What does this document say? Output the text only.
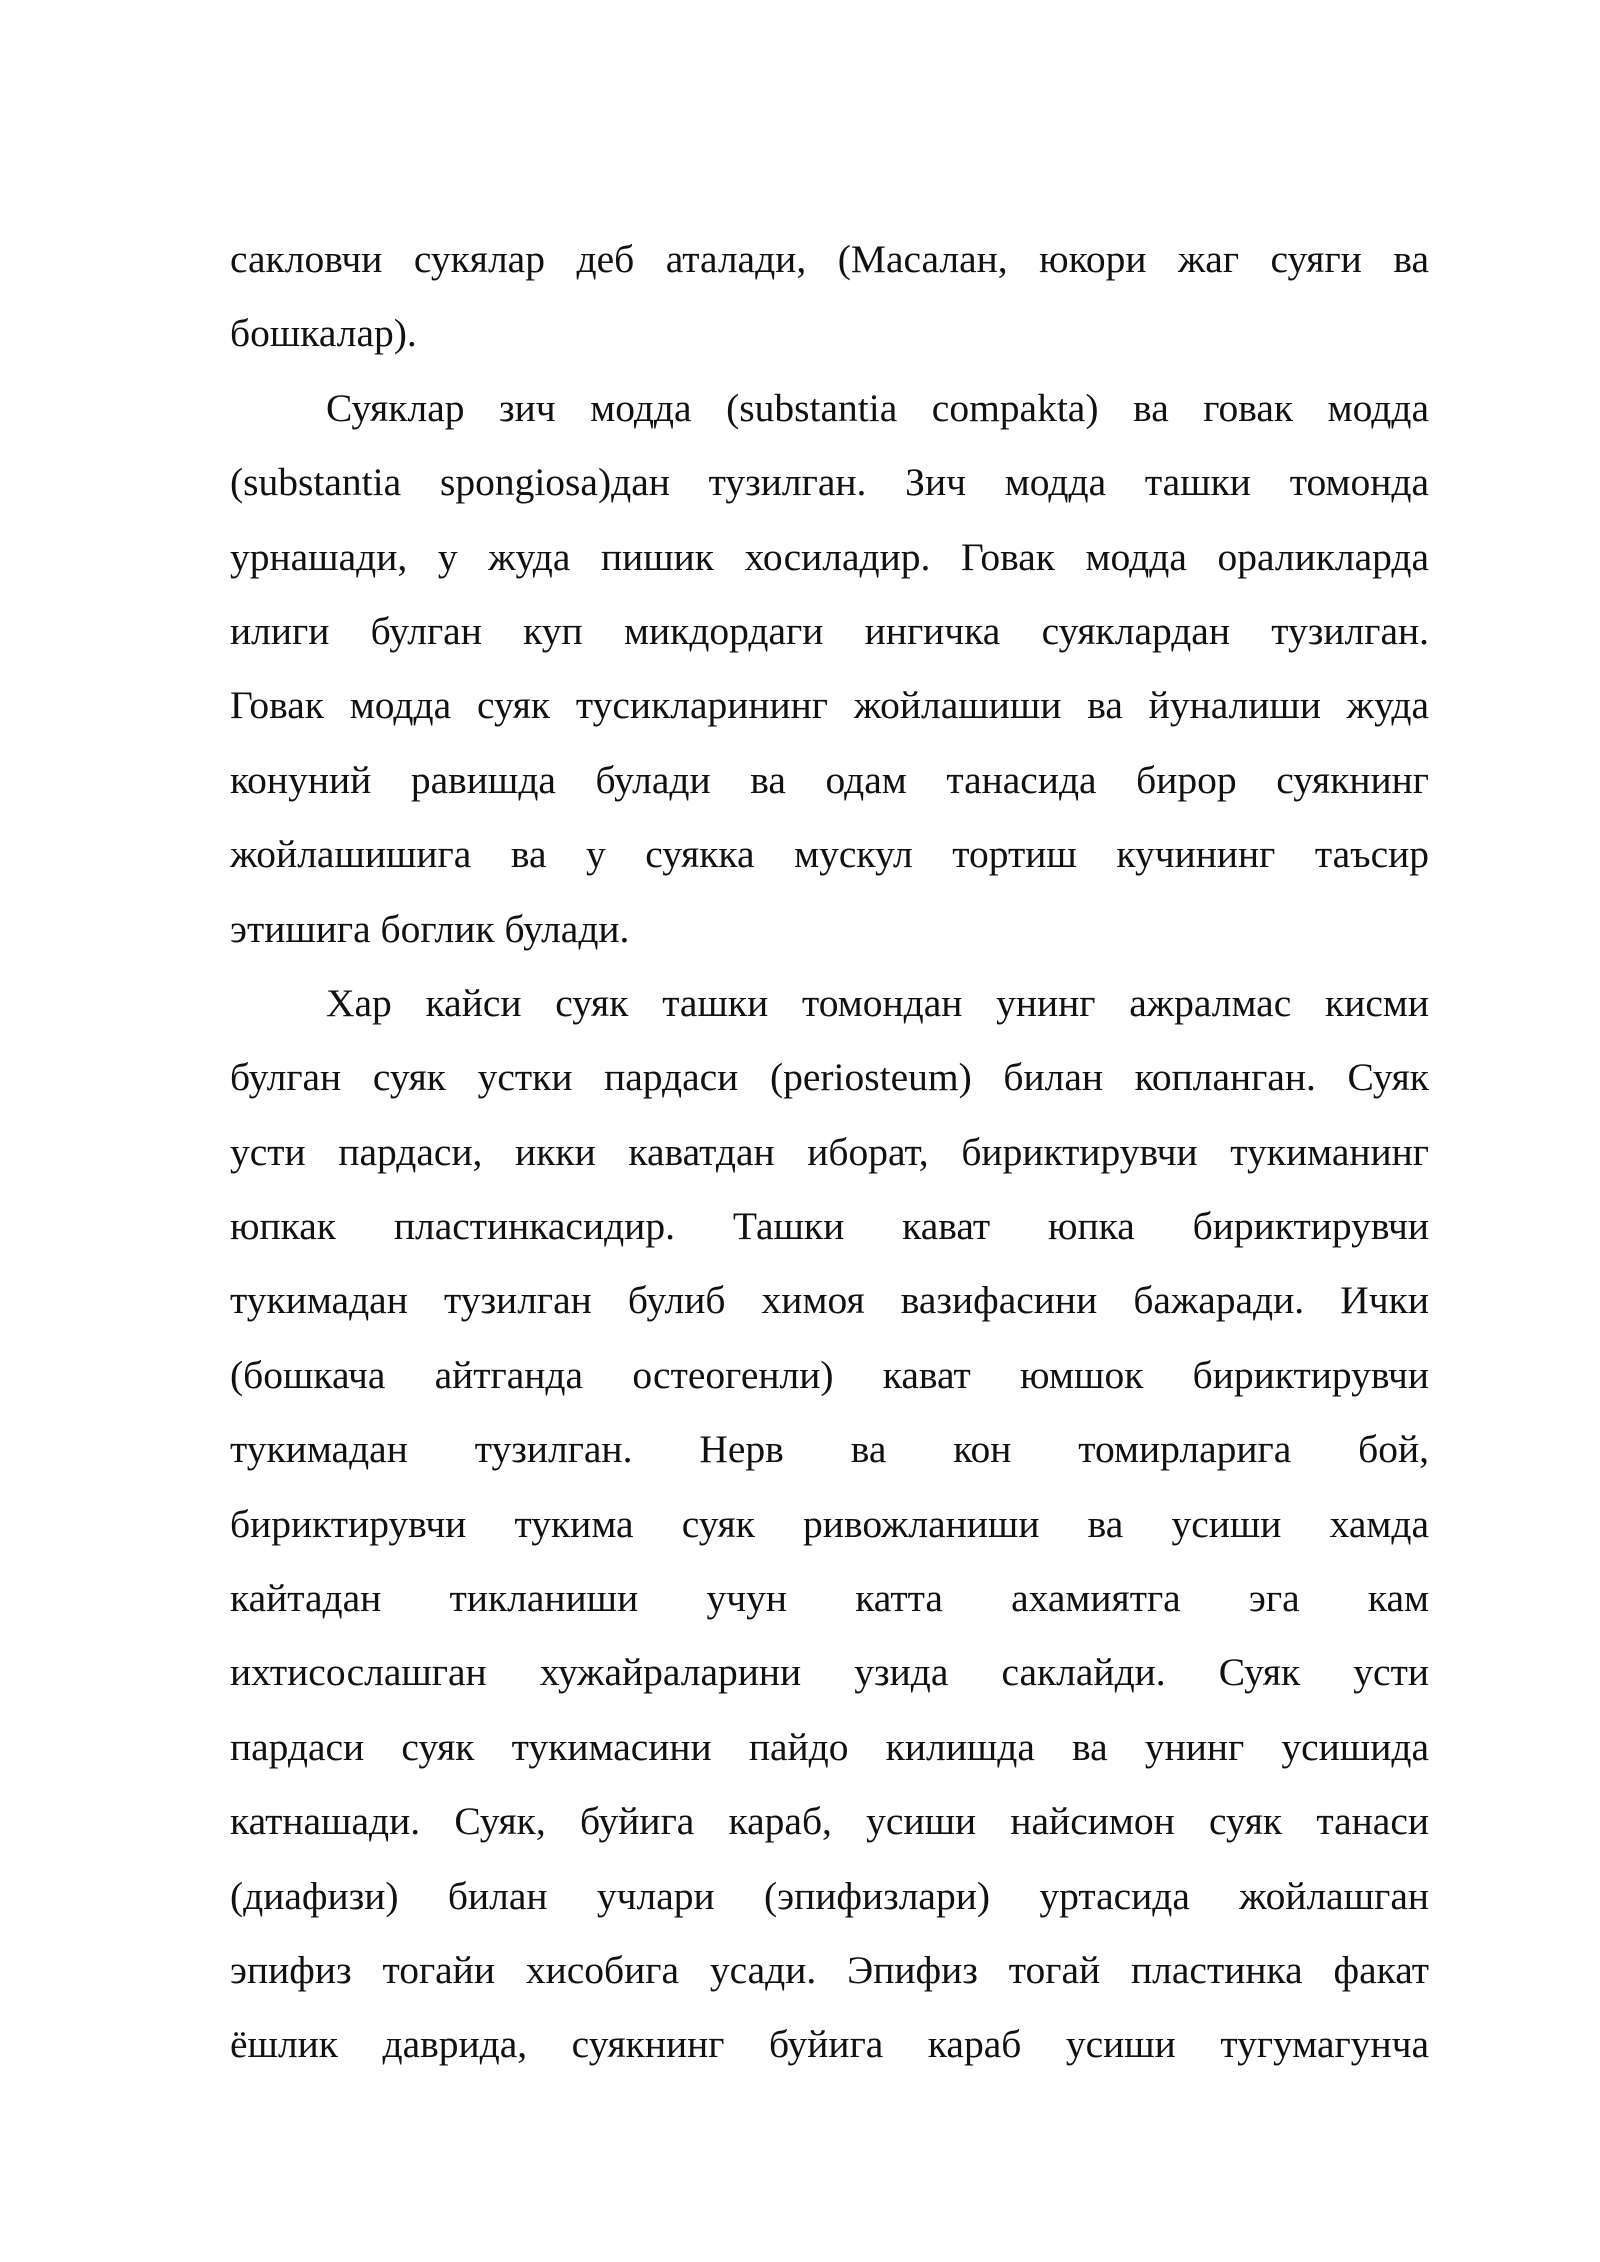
сакловчи сукялар деб аталади, (Масалан, юкори жаг суяги ва
бошкалар).
Суяклар зич модда (substantia compakta) ва говак модда
(substantia spongiosa)дан тузилган. Зич модда ташки томонда
урнашади, у жуда пишик хосиладир. Говак модда ораликларда
илиги булган куп микдордаги ингичка суяклардан тузилган.
Говак модда суяк тусикларининг жойлашиши ва йуналиши жуда
конуний равишда булади ва одам танасида бирор суякнинг
жойлашишига ва у суякка мускул тортиш кучининг таъсир
этишига боглик булади.
Хар кайси суяк ташки томондан унинг ажралмас кисми
булган суяк устки пардаси (periosteum) билан копланган. Суяк
усти пардаси, икки каватдан иборат, бириктирувчи тукиманинг
юпкак пластинкасидир. Ташки кават юпка бириктирувчи
тукимадан тузилган булиб химоя вазифасини бажаради. Ички
(бошкача айтганда остеогенли) кават юмшок бириктирувчи
тукимадан тузилган. Нерв ва кон томирларига бой,
бириктирувчи тукима суяк ривожланиши ва усиши хамда
кайтадан тикланиши учун катта ахамиятга эга кам
ихтисослашган хужайраларини узида саклайди. Суяк усти
пардаси суяк тукимасини пайдо килишда ва унинг усишида
катнашади. Суяк, буйига караб, усиши найсимон суяк танаси
(диафизи) билан учлари (эпифизлари) уртасида жойлашган
эпифиз тогайи хисобига усади. Эпифиз тогай пластинка факат
ёшлик даврида, суякнинг буйига караб усиши тугумагунча
